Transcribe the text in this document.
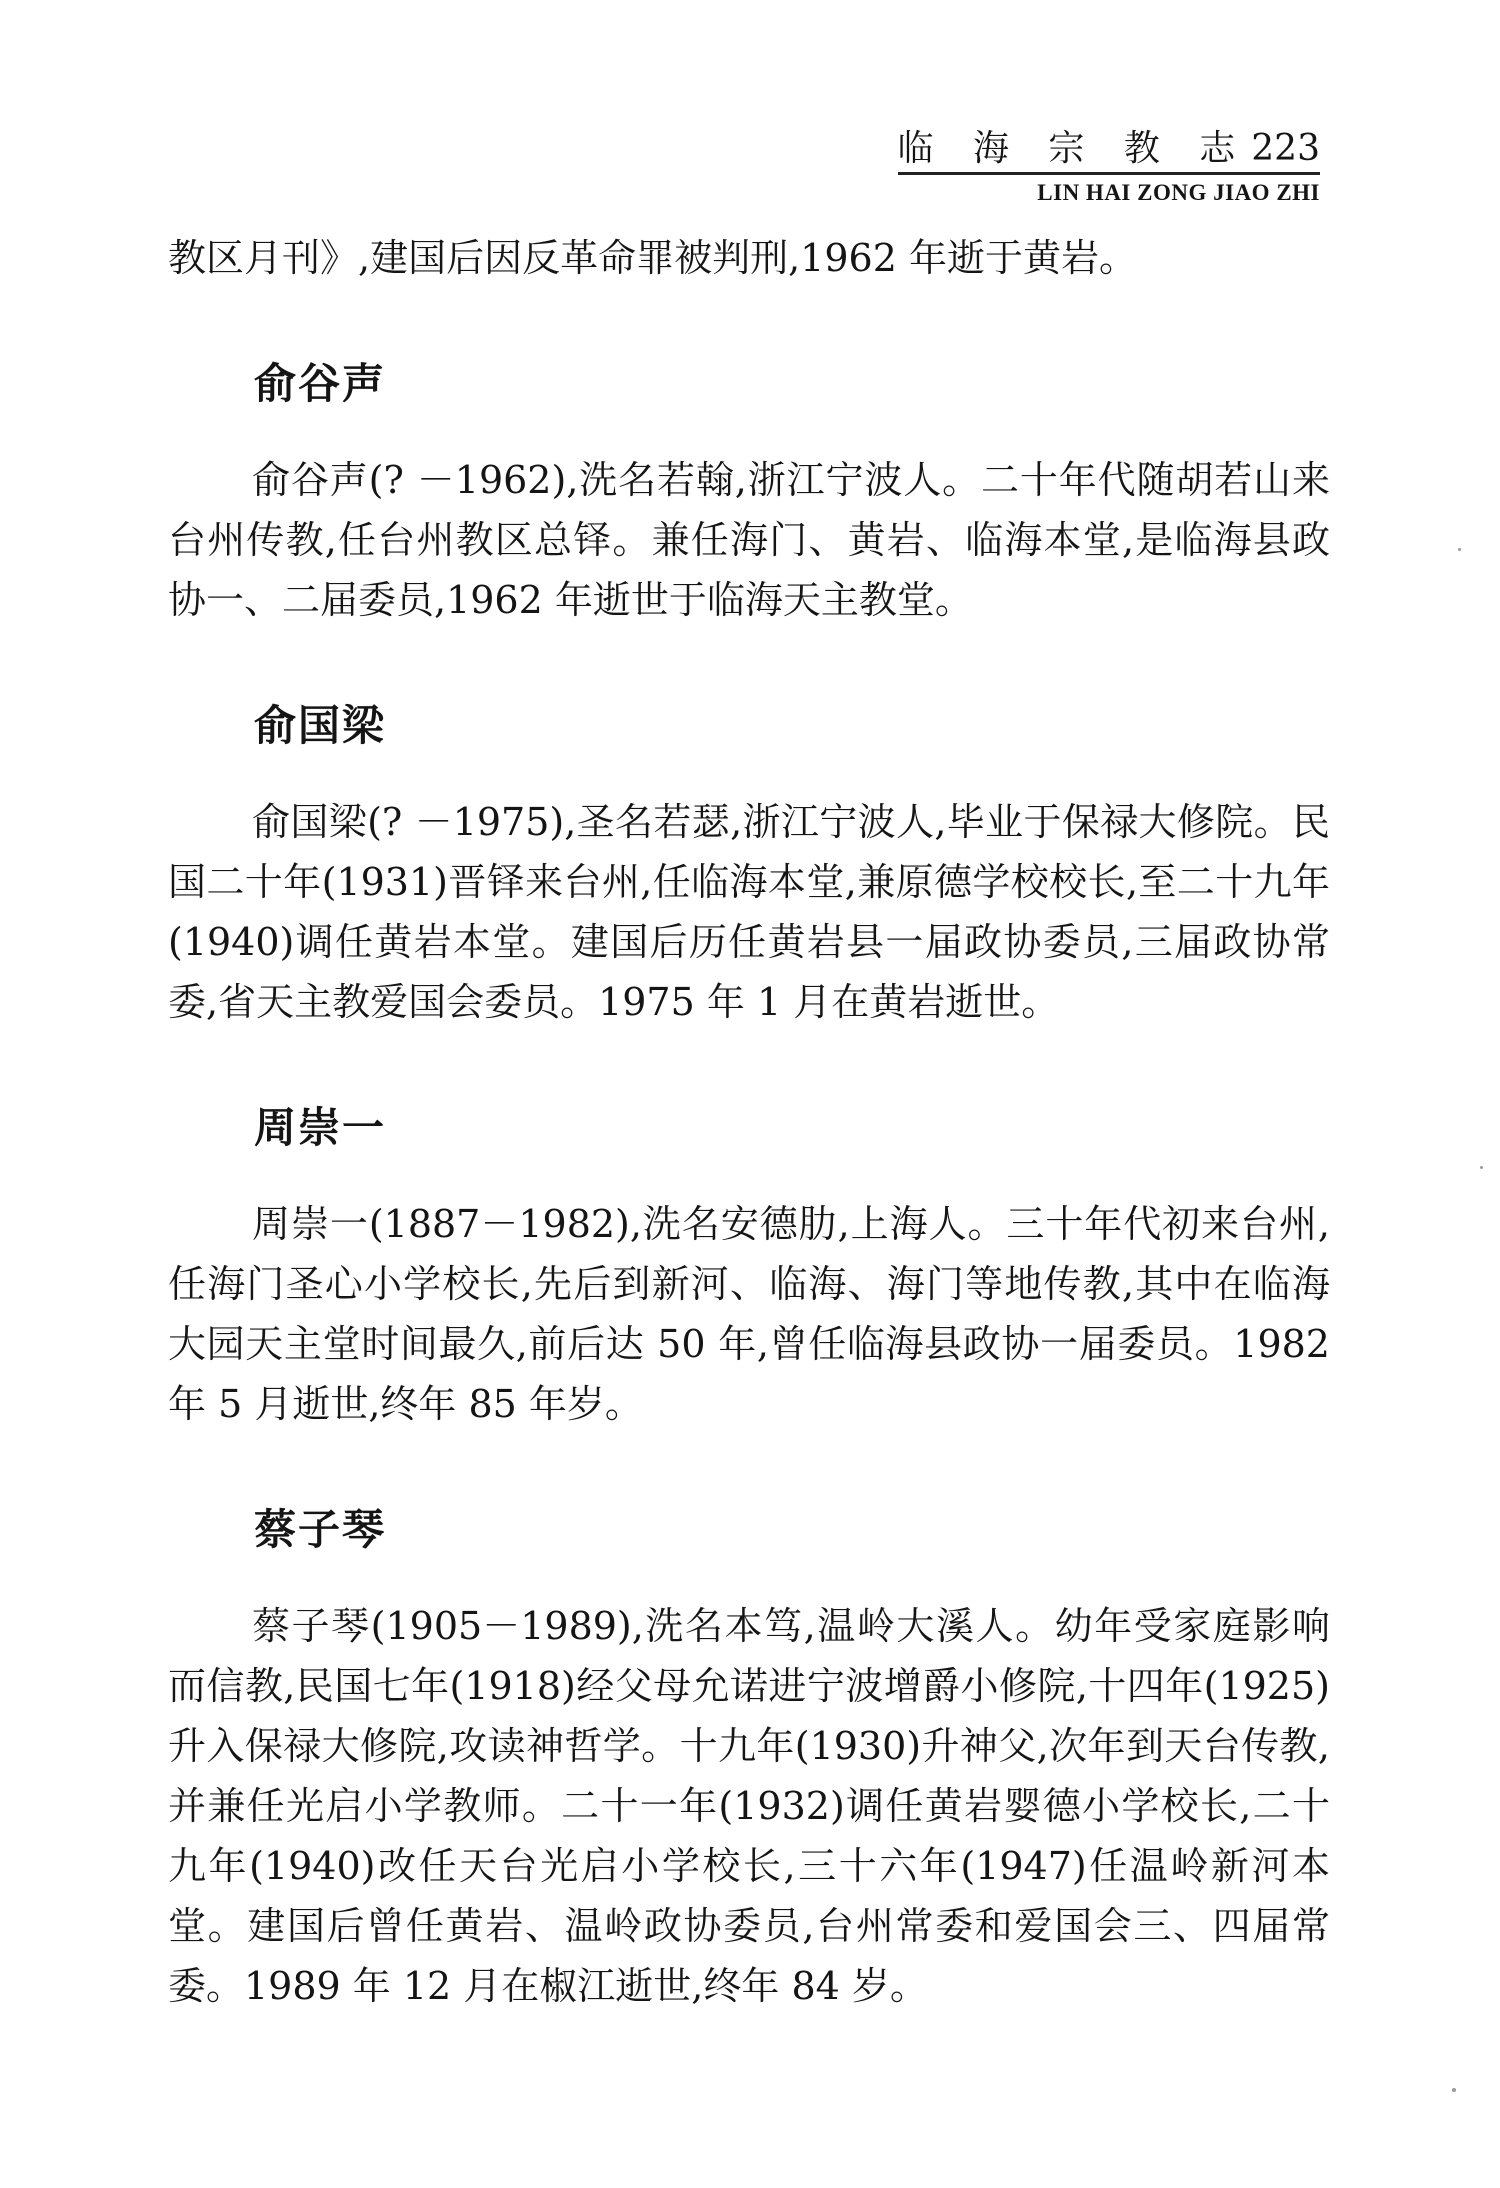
临 海 宗 教 志223
LIN HAI ZONG JIAO ZHI

教区月刊》,建国后因反革命罪被判刑,1962 年逝于黄岩。

俞谷声

俞谷声(? －1962),洗名若翰,浙江宁波人。二十年代随胡若山来台州传教,任台州教区总铎。兼任海门、黄岩、临海本堂,是临海县政协一、二届委员,1962 年逝世于临海天主教堂。

俞国梁

俞国梁(? －1975),圣名若瑟,浙江宁波人,毕业于保禄大修院。民国二十年(1931)晋铎来台州,任临海本堂,兼原德学校校长,至二十九年(1940)调任黄岩本堂。建国后历任黄岩县一届政协委员,三届政协常委,省天主教爱国会委员。1975 年 1 月在黄岩逝世。

周崇一

周崇一(1887－1982),洗名安德肋,上海人。三十年代初来台州,任海门圣心小学校长,先后到新河、临海、海门等地传教,其中在临海大园天主堂时间最久,前后达 50 年,曾任临海县政协一届委员。1982 年 5 月逝世,终年 85 年岁。

蔡子琴

蔡子琴(1905－1989),洗名本笃,温岭大溪人。幼年受家庭影响而信教,民国七年(1918)经父母允诺进宁波增爵小修院,十四年(1925)升入保禄大修院,攻读神哲学。十九年(1930)升神父,次年到天台传教,并兼任光启小学教师。二十一年(1932)调任黄岩婴德小学校长,二十九年(1940)改任天台光启小学校长,三十六年(1947)任温岭新河本堂。建国后曾任黄岩、温岭政协委员,台州常委和爱国会三、四届常委。1989 年 12 月在椒江逝世,终年 84 岁。
